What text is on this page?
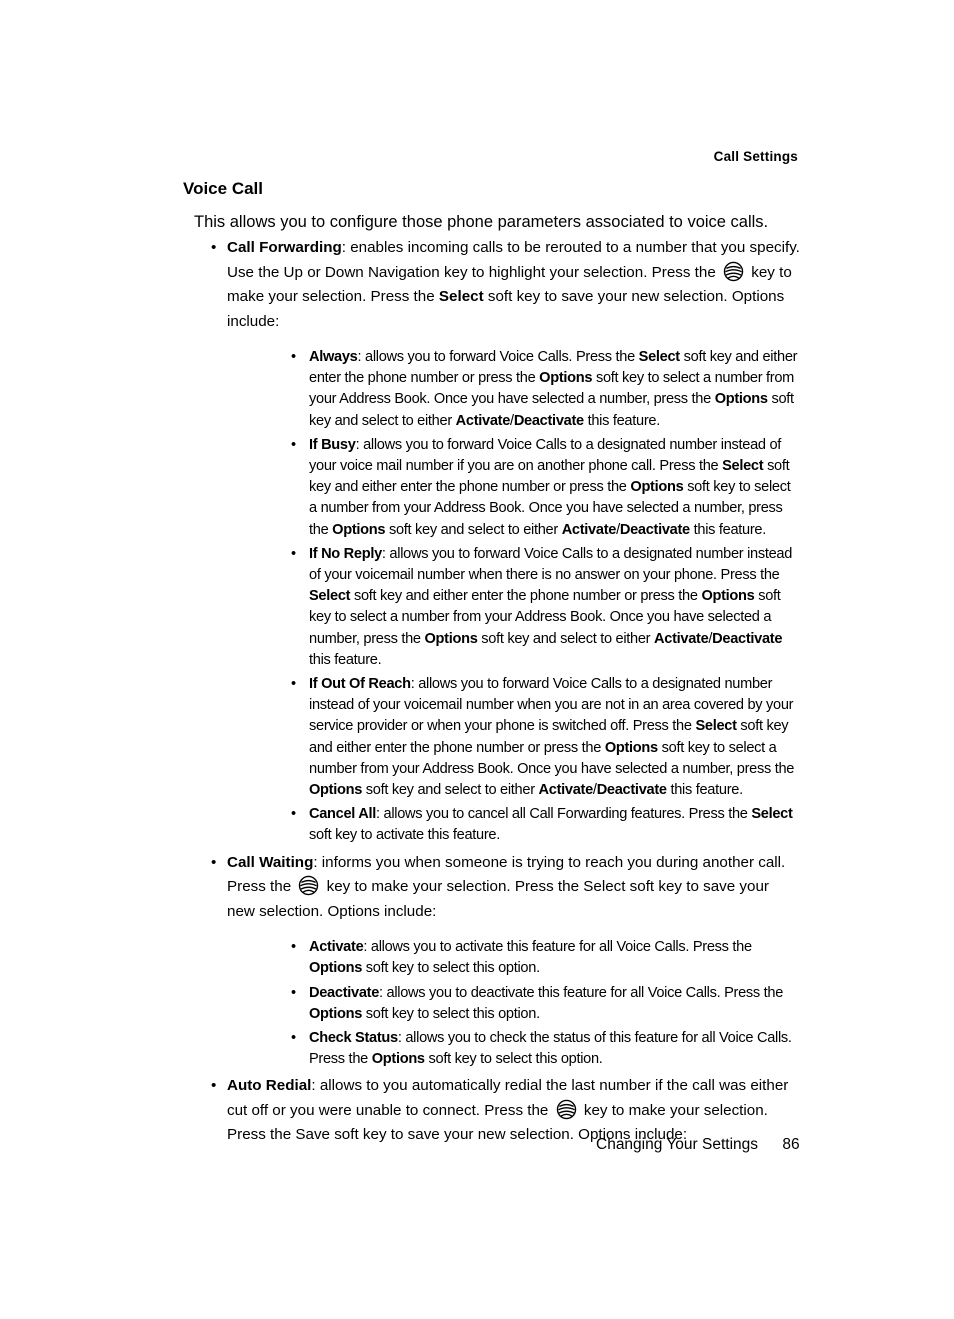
Call Settings
Voice Call
This allows you to configure those phone parameters associated to voice calls.
• Call Forwarding: enables incoming calls to be rerouted to a number that you specify. Use the Up or Down Navigation key to highlight your selection. Press the key to make your selection. Press the Select soft key to save your new selection. Options include:
• Always: allows you to forward Voice Calls. Press the Select soft key and either enter the phone number or press the Options soft key to select a number from your Address Book. Once you have selected a number, press the Options soft key and select to either Activate/Deactivate this feature.
• If Busy: allows you to forward Voice Calls to a designated number instead of your voice mail number if you are on another phone call. Press the Select soft key and either enter the phone number or press the Options soft key to select a number from your Address Book. Once you have selected a number, press the Options soft key and select to either Activate/Deactivate this feature.
• If No Reply: allows you to forward Voice Calls to a designated number instead of your voicemail number when there is no answer on your phone. Press the Select soft key and either enter the phone number or press the Options soft key to select a number from your Address Book. Once you have selected a number, press the Options soft key and select to either Activate/Deactivate this feature.
• If Out Of Reach: allows you to forward Voice Calls to a designated number instead of your voicemail number when you are not in an area covered by your service provider or when your phone is switched off. Press the Select soft key and either enter the phone number or press the Options soft key to select a number from your Address Book. Once you have selected a number, press the Options soft key and select to either Activate/Deactivate this feature.
• Cancel All: allows you to cancel all Call Forwarding features. Press the Select soft key to activate this feature.
• Call Waiting: informs you when someone is trying to reach you during another call. Press the key to make your selection. Press the Select soft key to save your new selection. Options include:
• Activate: allows you to activate this feature for all Voice Calls. Press the Options soft key to select this option.
• Deactivate: allows you to deactivate this feature for all Voice Calls. Press the Options soft key to select this option.
• Check Status: allows you to check the status of this feature for all Voice Calls. Press the Options soft key to select this option.
• Auto Redial: allows to you automatically redial the last number if the call was either cut off or you were unable to connect. Press the key to make your selection. Press the Save soft key to save your new selection. Options include:
Changing Your Settings 86
